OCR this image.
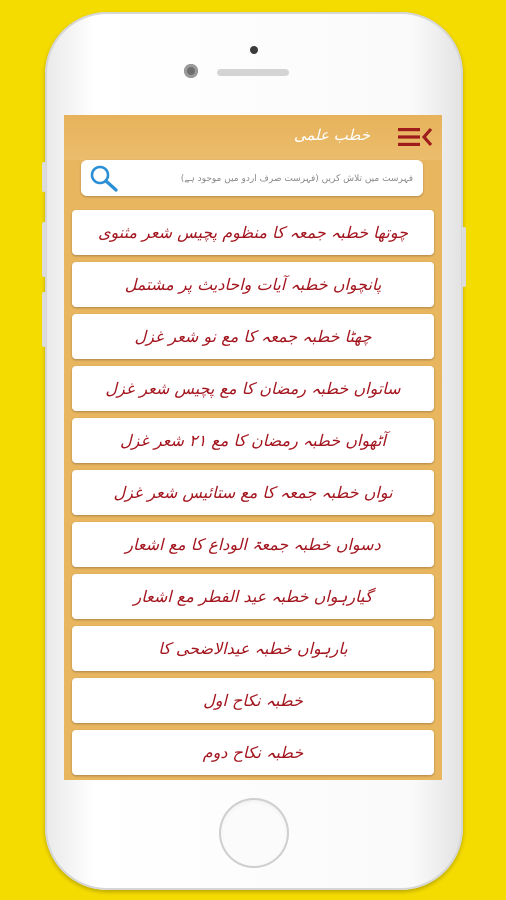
خطب علمی
فہرست میں تلاش کریں (فہرست صرف اردو میں موجود ہے)
چوتھا خطبہ جمعہ کا منظوم پچیس شعر مثنوی
پانچواں خطبہ آیات واحادیث پر مشتمل
چھٹا خطبہ جمعہ کا مع نو شعر غزل
ساتواں خطبہ رمضان کا مع پچیس شعر غزل
آٹھواں خطبہ رمضان کا مع ۲۱ شعر غزل
نواں خطبہ جمعہ کا مع ستائیس شعر غزل
دسواں خطبہ جمعۃ الوداع کا مع اشعار
گیارہواں خطبہ عید الفطر مع اشعار
بارہواں خطبہ عیدالاضحی کا
خطبہ نکاح اول
خطبہ نکاح دوم
